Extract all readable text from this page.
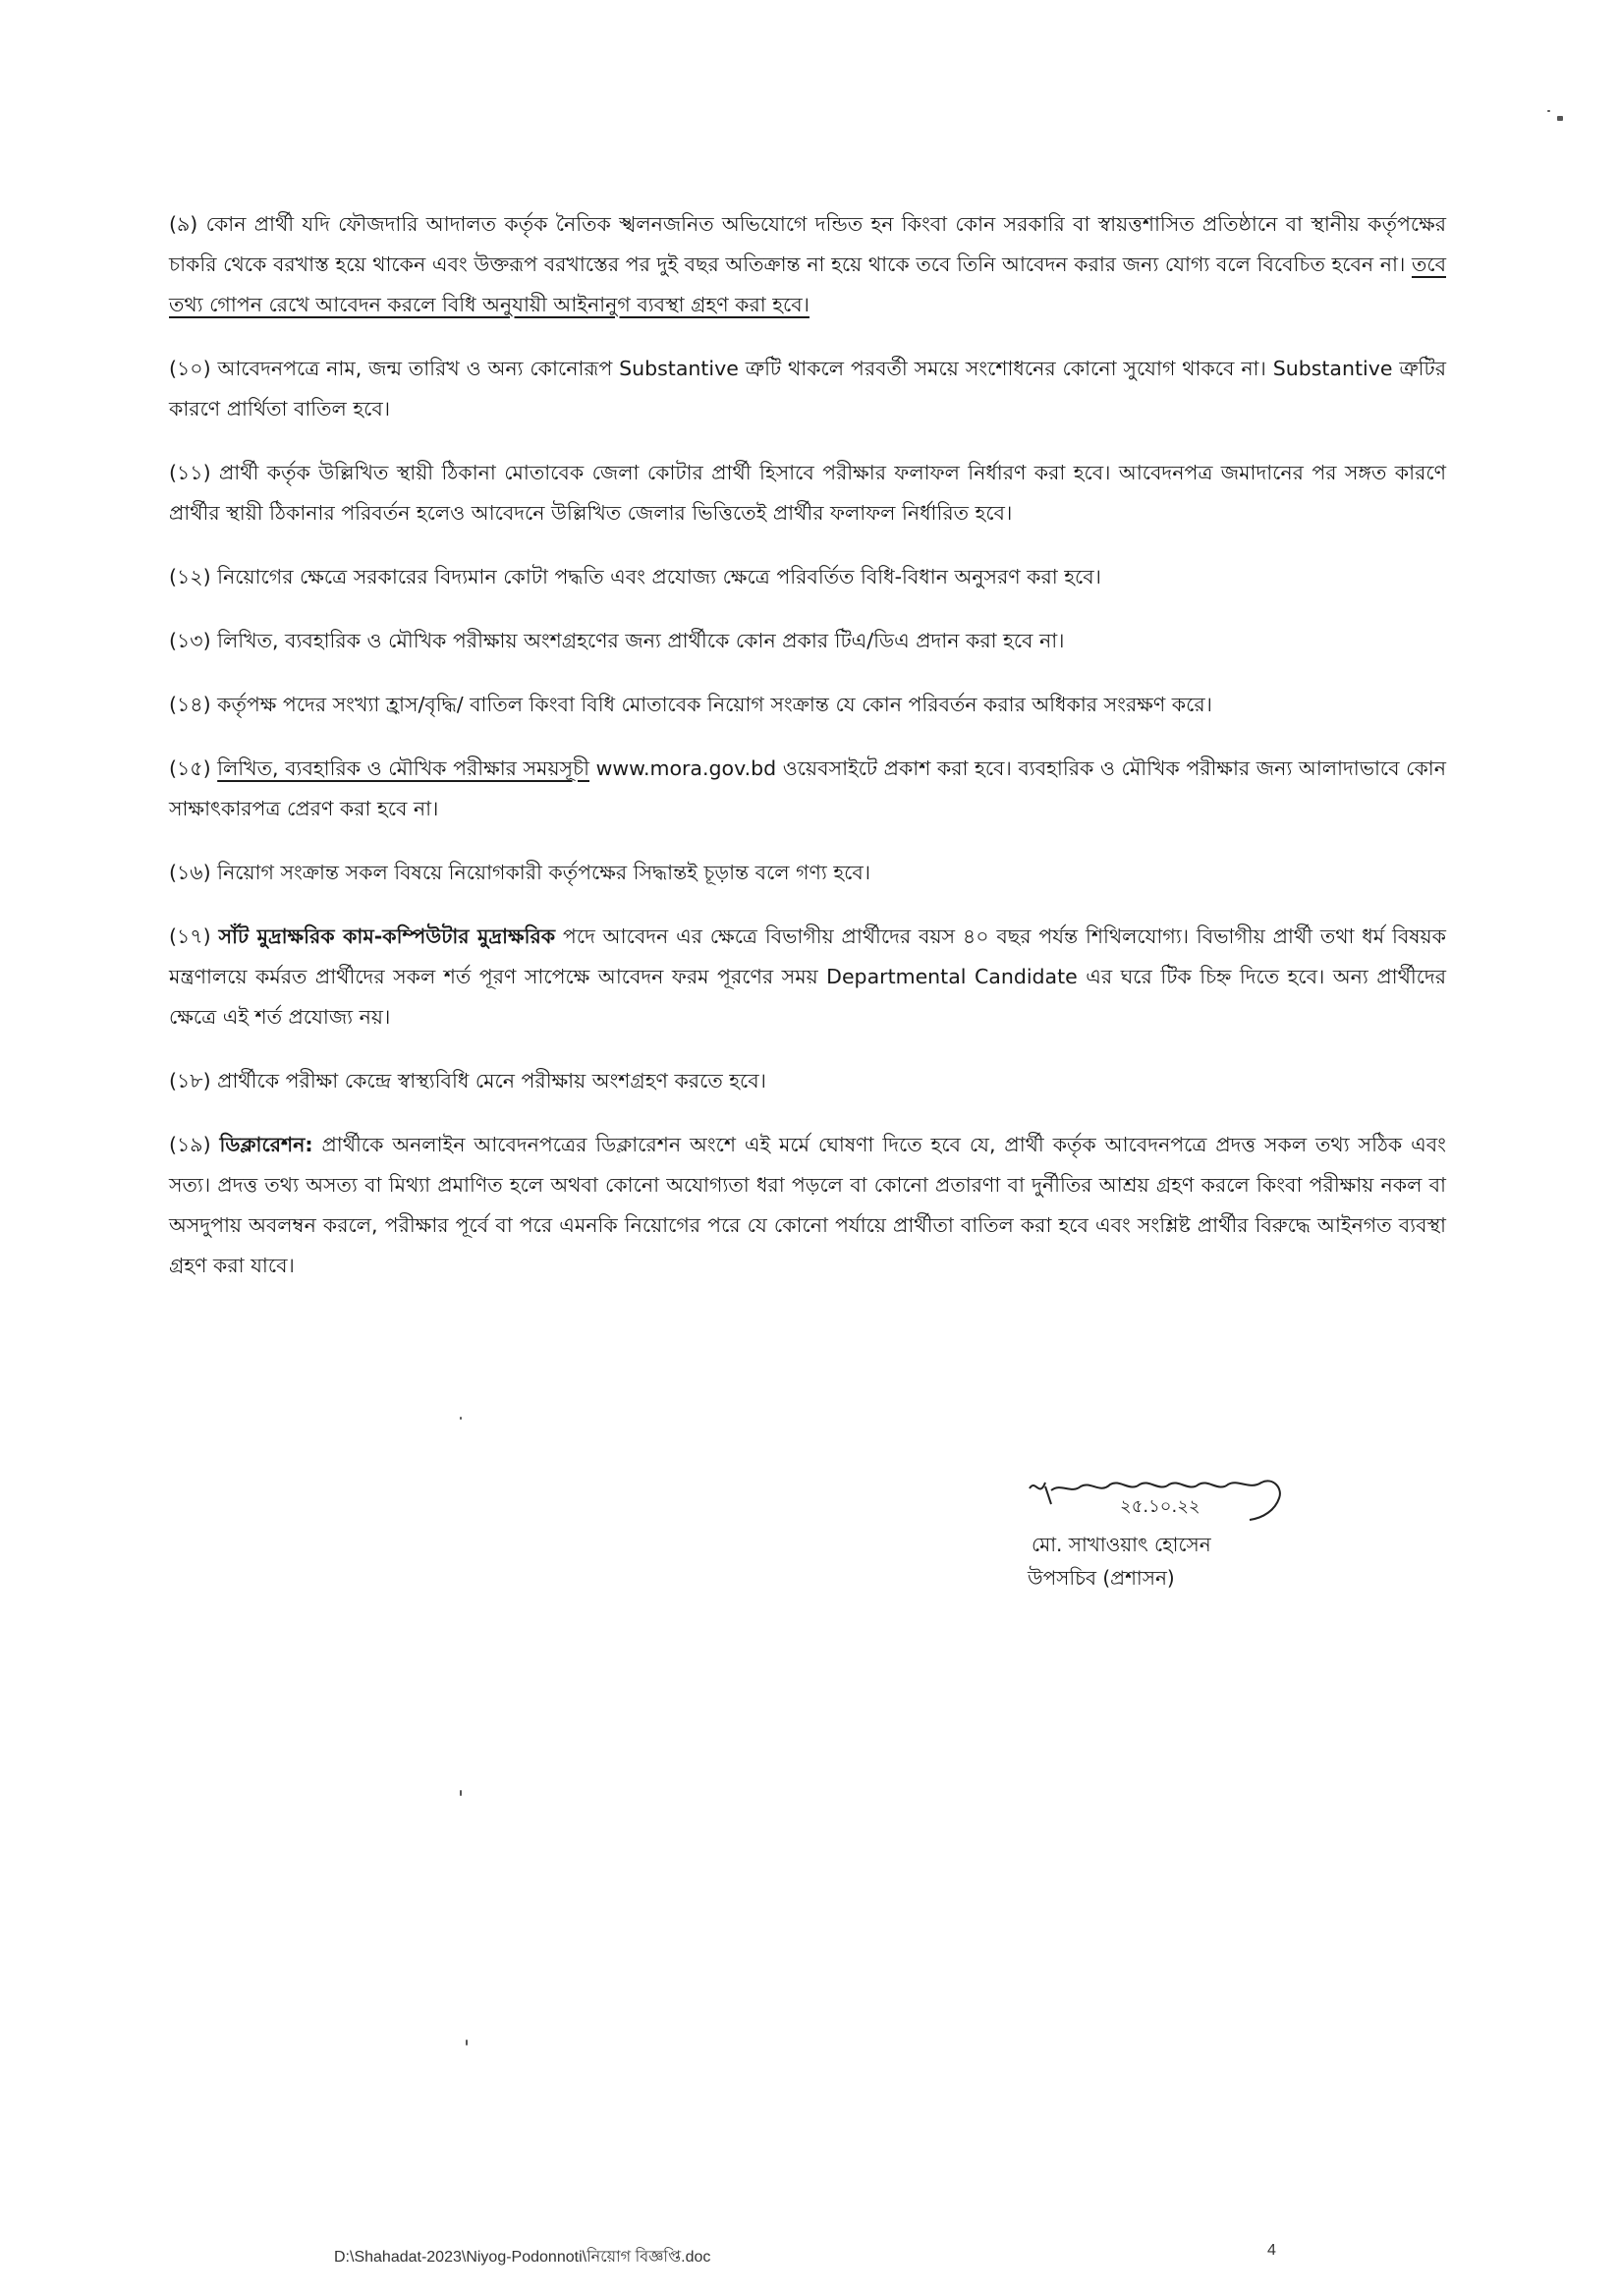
(৯) কোন প্রার্থী যদি ফৌজদারি আদালত কর্তৃক নৈতিক স্খলনজনিত অভিযোগে দন্ডিত হন কিংবা কোন সরকারি বা স্বায়ত্তশাসিত প্রতিষ্ঠানে বা স্থানীয় কর্তৃপক্ষের চাকরি থেকে বরখাস্ত হয়ে থাকেন এবং উক্তরূপ বরখাস্তের পর দুই বছর অতিক্রান্ত না হয়ে থাকে তবে তিনি আবেদন করার জন্য যোগ্য বলে বিবেচিত হবেন না। তবে তথ্য গোপন রেখে আবেদন করলে বিধি অনুযায়ী আইনানুগ ব্যবস্থা গ্রহণ করা হবে।

(১০) আবেদনপত্রে নাম, জন্ম তারিখ ও অন্য কোনোরূপ Substantive ত্রুটি থাকলে পরবর্তী সময়ে সংশোধনের কোনো সুযোগ থাকবে না। Substantive ত্রুটির কারণে প্রার্থিতা বাতিল হবে।

(১১) প্রার্থী কর্তৃক উল্লিখিত স্থায়ী ঠিকানা মোতাবেক জেলা কোটার প্রার্থী হিসাবে পরীক্ষার ফলাফল নির্ধারণ করা হবে। আবেদনপত্র জমাদানের পর সঙ্গত কারণে প্রার্থীর স্থায়ী ঠিকানার পরিবর্তন হলেও আবেদনে উল্লিখিত জেলার ভিত্তিতেই প্রার্থীর ফলাফল নির্ধারিত হবে।

(১২) নিয়োগের ক্ষেত্রে সরকারের বিদ্যমান কোটা পদ্ধতি এবং প্রযোজ্য ক্ষেত্রে পরিবর্তিত বিধি-বিধান অনুসরণ করা হবে।

(১৩) লিখিত, ব্যবহারিক ও মৌখিক পরীক্ষায় অংশগ্রহণের জন্য প্রার্থীকে কোন প্রকার টিএ/ডিএ প্রদান করা হবে না।

(১৪) কর্তৃপক্ষ পদের সংখ্যা হ্রাস/বৃদ্ধি/ বাতিল কিংবা বিধি মোতাবেক নিয়োগ সংক্রান্ত যে কোন পরিবর্তন করার অধিকার সংরক্ষণ করে।

(১৫) লিখিত, ব্যবহারিক ও মৌখিক পরীক্ষার সময়সূচী www.mora.gov.bd ওয়েবসাইটে প্রকাশ করা হবে। ব্যবহারিক ও মৌখিক পরীক্ষার জন্য আলাদাভাবে কোন সাক্ষাৎকারপত্র প্রেরণ করা হবে না।

(১৬) নিয়োগ সংক্রান্ত সকল বিষয়ে নিয়োগকারী কর্তৃপক্ষের সিদ্ধান্তই চূড়ান্ত বলে গণ্য হবে।

(১৭) সাঁট মুদ্রাক্ষরিক কাম-কম্পিউটার মুদ্রাক্ষরিক পদে আবেদন এর ক্ষেত্রে বিভাগীয় প্রার্থীদের বয়স ৪০ বছর পর্যন্ত শিথিলযোগ্য। বিভাগীয় প্রার্থী তথা ধর্ম বিষয়ক মন্ত্রণালয়ে কর্মরত প্রার্থীদের সকল শর্ত পূরণ সাপেক্ষে আবেদন ফরম পূরণের সময় Departmental Candidate এর ঘরে টিক চিহ্ন দিতে হবে। অন্য প্রার্থীদের ক্ষেত্রে এই শর্ত প্রযোজ্য নয়।

(১৮) প্রার্থীকে পরীক্ষা কেন্দ্রে স্বাস্থ্যবিধি মেনে পরীক্ষায় অংশগ্রহণ করতে হবে।

(১৯) ডিক্লারেশন: প্রার্থীকে অনলাইন আবেদনপত্রের ডিক্লারেশন অংশে এই মর্মে ঘোষণা দিতে হবে যে, প্রার্থী কর্তৃক আবেদনপত্রে প্রদত্ত সকল তথ্য সঠিক এবং সত্য। প্রদত্ত তথ্য অসত্য বা মিথ্যা প্রমাণিত হলে অথবা কোনো অযোগ্যতা ধরা পড়লে বা কোনো প্রতারণা বা দুর্নীতির আশ্রয় গ্রহণ করলে কিংবা পরীক্ষায় নকল বা অসদুপায় অবলম্বন করলে, পরীক্ষার পূর্বে বা পরে এমনকি নিয়োগের পরে যে কোনো পর্যায়ে প্রার্থীতা বাতিল করা হবে এবং সংশ্লিষ্ট প্রার্থীর বিরুদ্ধে আইনগত ব্যবস্থা গ্রহণ করা যাবে।

২৫.১০.২২
মো. সাখাওয়াৎ হোসেন
উপসচিব (প্রশাসন)
D:\Shahadat-2023\Niyog-Podonnoti\নিয়োগ বিজ্ঞপ্তি.doc	4
